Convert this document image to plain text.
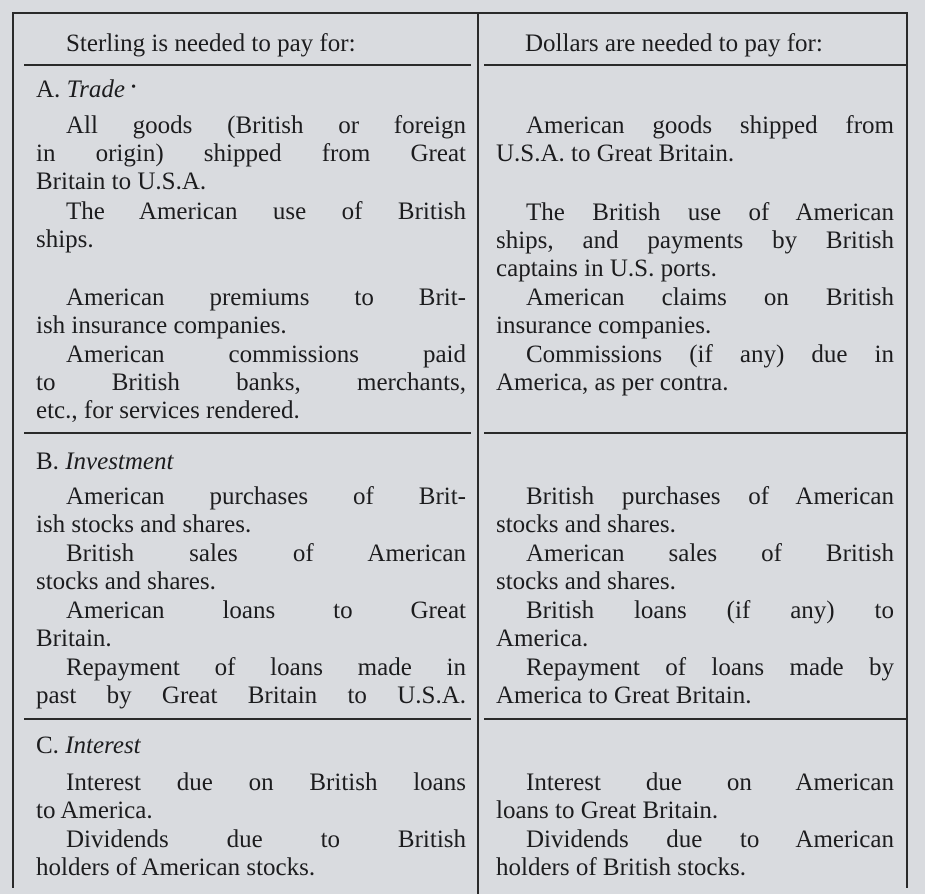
Sterling is needed to pay for:	Dollars are needed to pay for:
A. Trade •
All goods (British or foreign
in origin) shipped from Great
Britain to U.S.A.
The American use of British
ships.
American premiums to Brit-
ish insurance companies.
American commissions paid
to British banks, merchants,
etc., for services rendered.
American goods shipped from
U.S.A. to Great Britain.
The British use of American
ships, and payments by British
captains in U.S. ports.
American claims on British
insurance companies.
Commissions (if any) due in
America, as per contra.
B. Investment
American purchases of Brit-
ish stocks and shares.
British sales of American
stocks and shares.
American loans to Great
Britain.
Repayment of loans made in
past by Great Britain to U.S.A.
British purchases of American
stocks and shares.
American sales of British
stocks and shares.
British loans (if any) to
America.
Repayment of loans made by
America to Great Britain.
C. Interest
Interest due on British loans
to America.
Dividends due to British
holders of American stocks.
Interest due on American
loans to Great Britain.
Dividends due to American
holders of British stocks.
